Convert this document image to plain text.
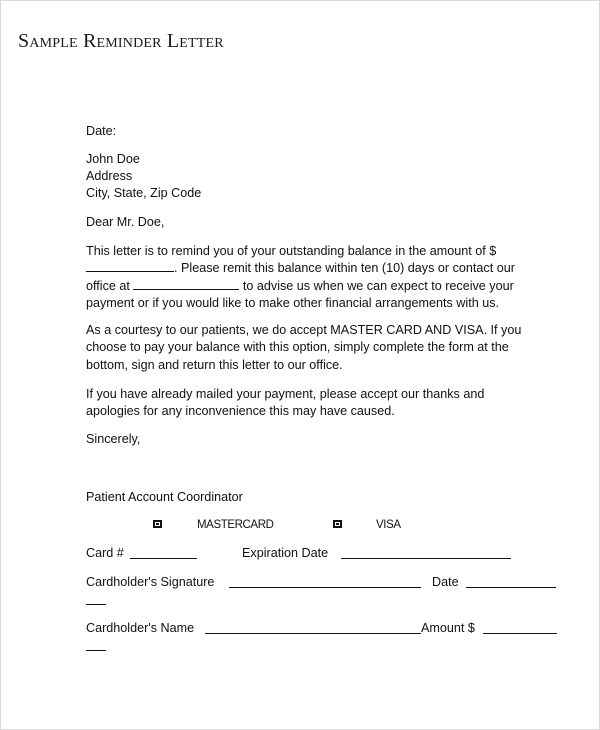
Sample Reminder Letter
Date:
John Doe
Address
City, State, Zip Code
Dear Mr. Doe,
This letter is to remind you of your outstanding balance in the amount of $
. Please remit this balance within ten (10) days or contact our
office at	to advise us when we can expect to receive your
payment or if you would like to make other financial arrangements with us.
As a courtesy to our patients, we do accept MASTER CARD AND VISA. If you
choose to pay your balance with this option, simply complete the form at the
bottom, sign and return this letter to our office.
If you have already mailed your payment, please accept our thanks and
apologies for any inconvenience this may have caused.
Sincerely,
Patient Account Coordinator
MASTERCARD	VISA
Card #	Expiration Date
Cardholder's Signature	Date
Cardholder's Name	Amount $
